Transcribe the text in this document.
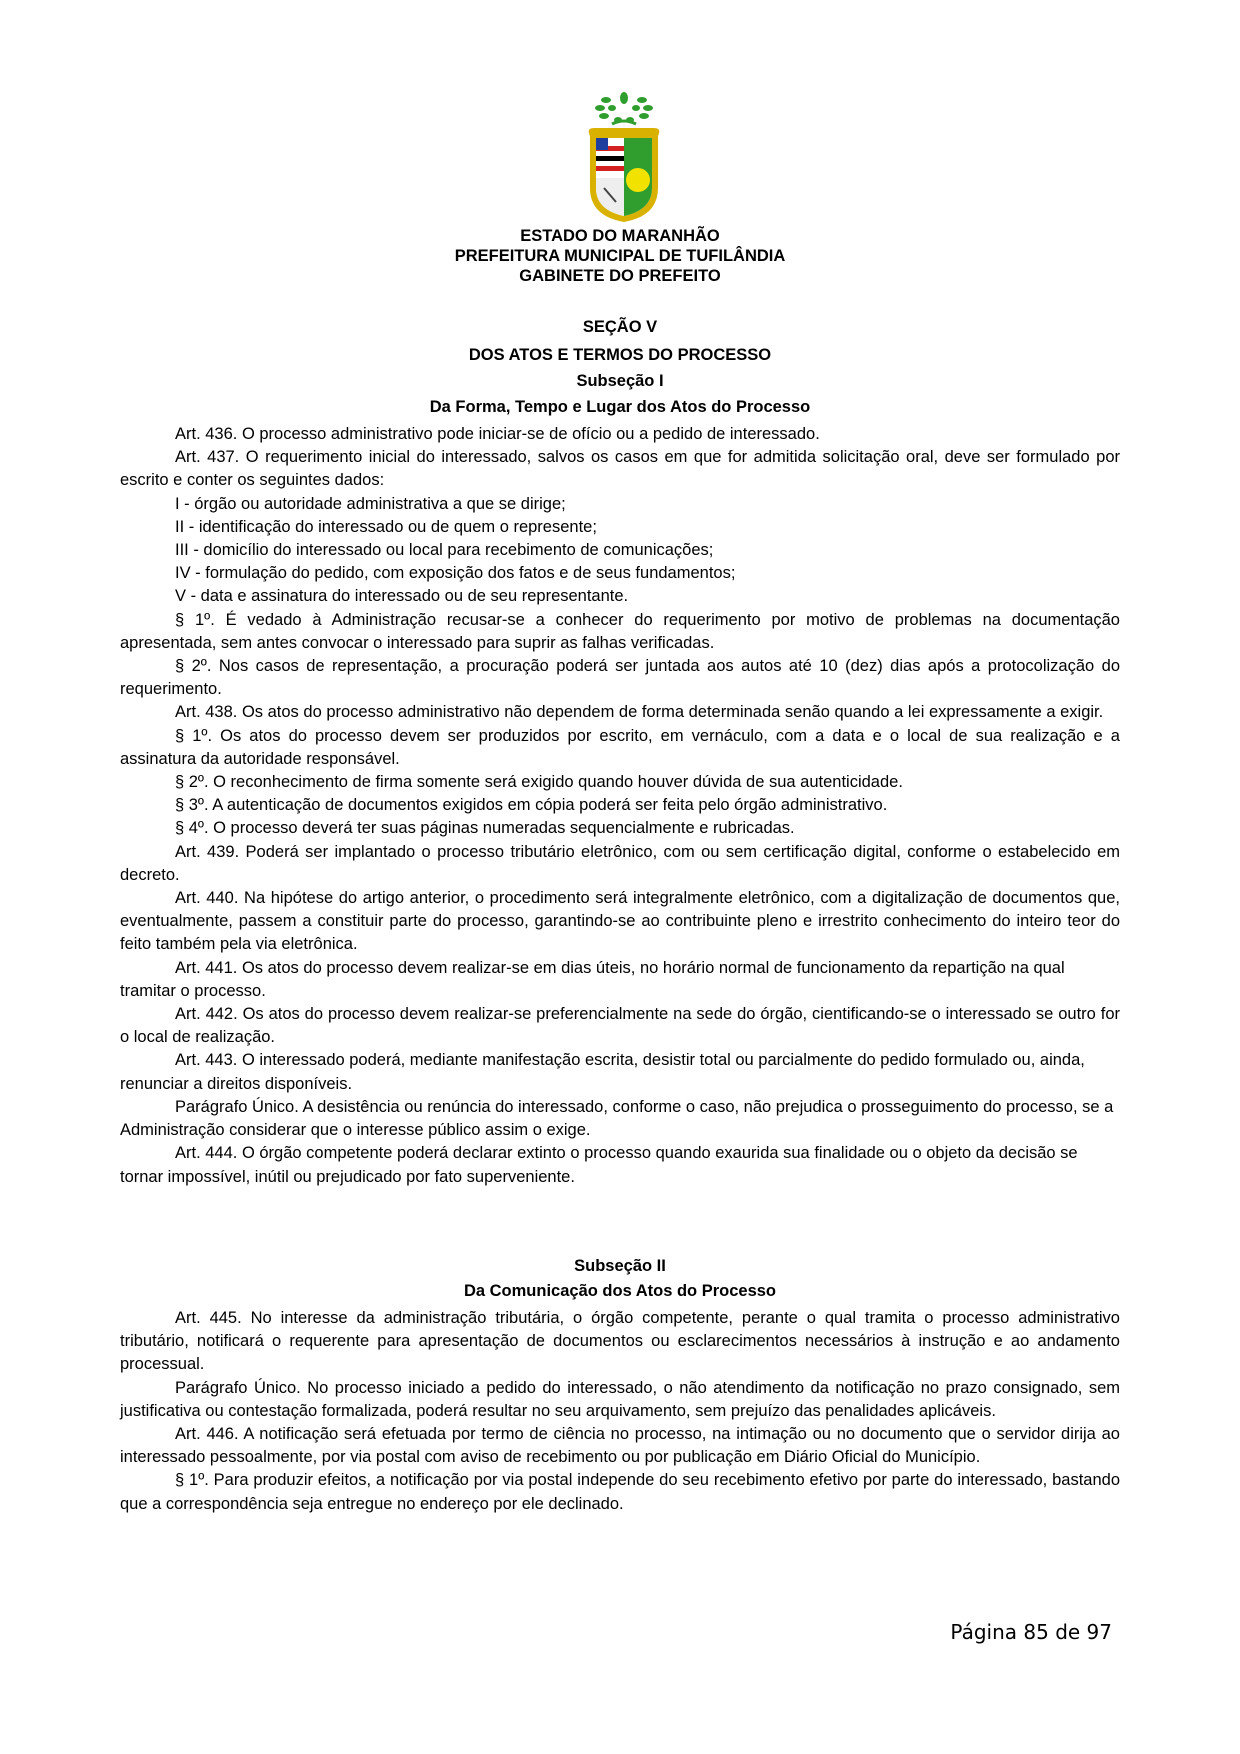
ESTADO DO MARANHÃO
PREFEITURA MUNICIPAL DE TUFILÂNDIA
GABINETE DO PREFEITO
SEÇÃO V
DOS ATOS E TERMOS DO PROCESSO
Subseção I
Da Forma, Tempo e Lugar dos Atos do Processo

Art. 436. O processo administrativo pode iniciar-se de ofício ou a pedido de interessado.

Art. 437. O requerimento inicial do interessado, salvos os casos em que for admitida solicitação oral, deve ser formulado por escrito e conter os seguintes dados:

I - órgão ou autoridade administrativa a que se dirige;

II - identificação do interessado ou de quem o represente;

III - domicílio do interessado ou local para recebimento de comunicações;

IV - formulação do pedido, com exposição dos fatos e de seus fundamentos;

V - data e assinatura do interessado ou de seu representante.

§ 1º. É vedado à Administração recusar-se a conhecer do requerimento por motivo de problemas na documentação apresentada, sem antes convocar o interessado para suprir as falhas verificadas.

§ 2º. Nos casos de representação, a procuração poderá ser juntada aos autos até 10 (dez) dias após a protocolização do requerimento.

Art. 438. Os atos do processo administrativo não dependem de forma determinada senão quando a lei expressamente a exigir.

§ 1º. Os atos do processo devem ser produzidos por escrito, em vernáculo, com a data e o local de sua realização e a assinatura da autoridade responsável.

§ 2º. O reconhecimento de firma somente será exigido quando houver dúvida de sua autenticidade.

§ 3º. A autenticação de documentos exigidos em cópia poderá ser feita pelo órgão administrativo.

§ 4º. O processo deverá ter suas páginas numeradas sequencialmente e rubricadas.

Art. 439. Poderá ser implantado o processo tributário eletrônico, com ou sem certificação digital, conforme o estabelecido em decreto.

Art. 440. Na hipótese do artigo anterior, o procedimento será integralmente eletrônico, com a digitalização de documentos que, eventualmente, passem a constituir parte do processo, garantindo-se ao contribuinte pleno e irrestrito conhecimento do inteiro teor do feito também pela via eletrônica.

Art. 441. Os atos do processo devem realizar-se em dias úteis, no horário normal de funcionamento da repartição na qual tramitar o processo.

Art. 442. Os atos do processo devem realizar-se preferencialmente na sede do órgão, cientificando-se o interessado se outro for o local de realização.

Art. 443. O interessado poderá, mediante manifestação escrita, desistir total ou parcialmente do pedido formulado ou, ainda, renunciar a direitos disponíveis.

Parágrafo Único. A desistência ou renúncia do interessado, conforme o caso, não prejudica o prosseguimento do processo, se a Administração considerar que o interesse público assim o exige.

Art. 444. O órgão competente poderá declarar extinto o processo quando exaurida sua finalidade ou o objeto da decisão se tornar impossível, inútil ou prejudicado por fato superveniente.

Subseção II
Da Comunicação dos Atos do Processo

Art. 445. No interesse da administração tributária, o órgão competente, perante o qual tramita o processo administrativo tributário, notificará o requerente para apresentação de documentos ou esclarecimentos necessários à instrução e ao andamento processual.

Parágrafo Único. No processo iniciado a pedido do interessado, o não atendimento da notificação no prazo consignado, sem justificativa ou contestação formalizada, poderá resultar no seu arquivamento, sem prejuízo das penalidades aplicáveis.

Art. 446. A notificação será efetuada por termo de ciência no processo, na intimação ou no documento que o servidor dirija ao interessado pessoalmente, por via postal com aviso de recebimento ou por publicação em Diário Oficial do Município.

§ 1º. Para produzir efeitos, a notificação por via postal independe do seu recebimento efetivo por parte do interessado, bastando que a correspondência seja entregue no endereço por ele declinado.

Página 85 de 97
